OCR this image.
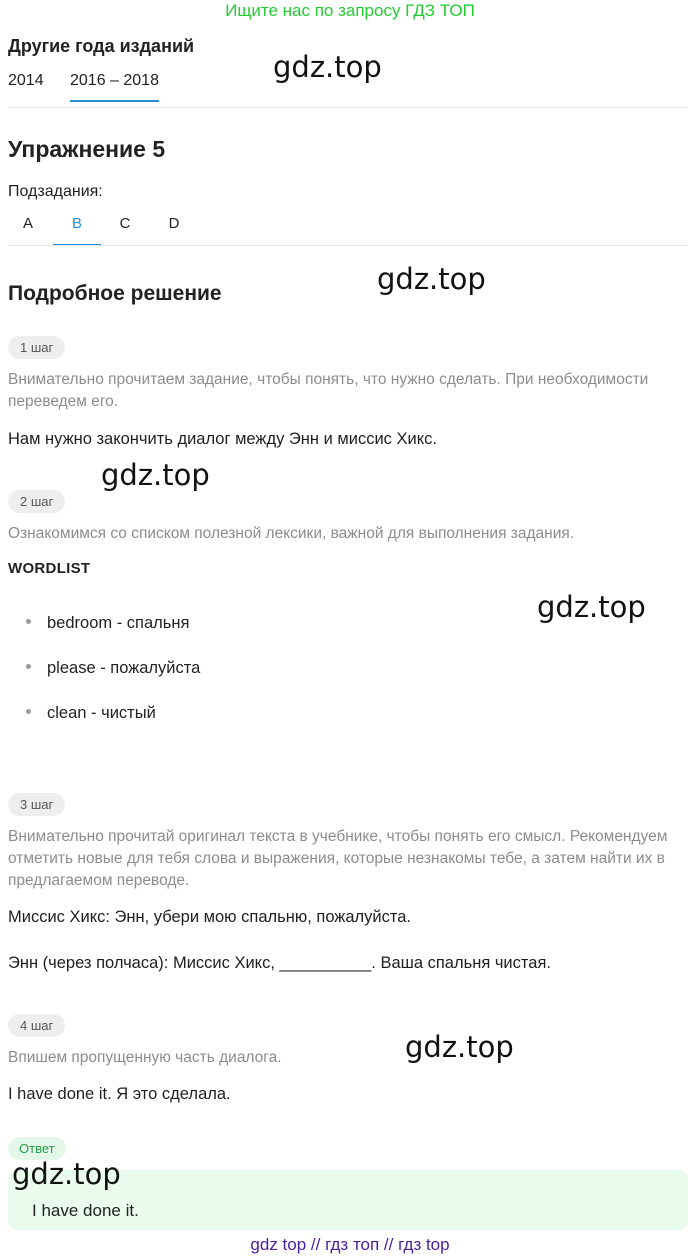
Ищите нас по запросу ГДЗ ТОП
Другие года изданий
2014 2016 – 2018
Упражнение 5
Подзадания:
A	B	C	D
Подробное решение
1 шаг
Внимательно прочитаем задание, чтобы понять, что нужно сделать. При необходимости переведем его.
Нам нужно закончить диалог между Энн и миссис Хикс.
2 шаг
Ознакомимся со списком полезной лексики, важной для выполнения задания.
WORDLIST
bedroom - спальня
please - пожалуйста
clean - чистый
3 шаг
Внимательно прочитай оригинал текста в учебнике, чтобы понять его смысл. Рекомендуем отметить новые для тебя слова и выражения, которые незнакомы тебе, а затем найти их в предлагаемом переводе.
Миссис Хикс: Энн, убери мою спальню, пожалуйста.
Энн (через полчаса): Миссис Хикс, __________. Ваша спальня чистая.
4 шаг
Впишем пропущенную часть диалога.
I have done it. Я это сделала.
Ответ
I have done it.
gdz.top
gdz.top
gdz.top
gdz.top
gdz.top
gdz.top
gdz top // гдз топ // гдз top
